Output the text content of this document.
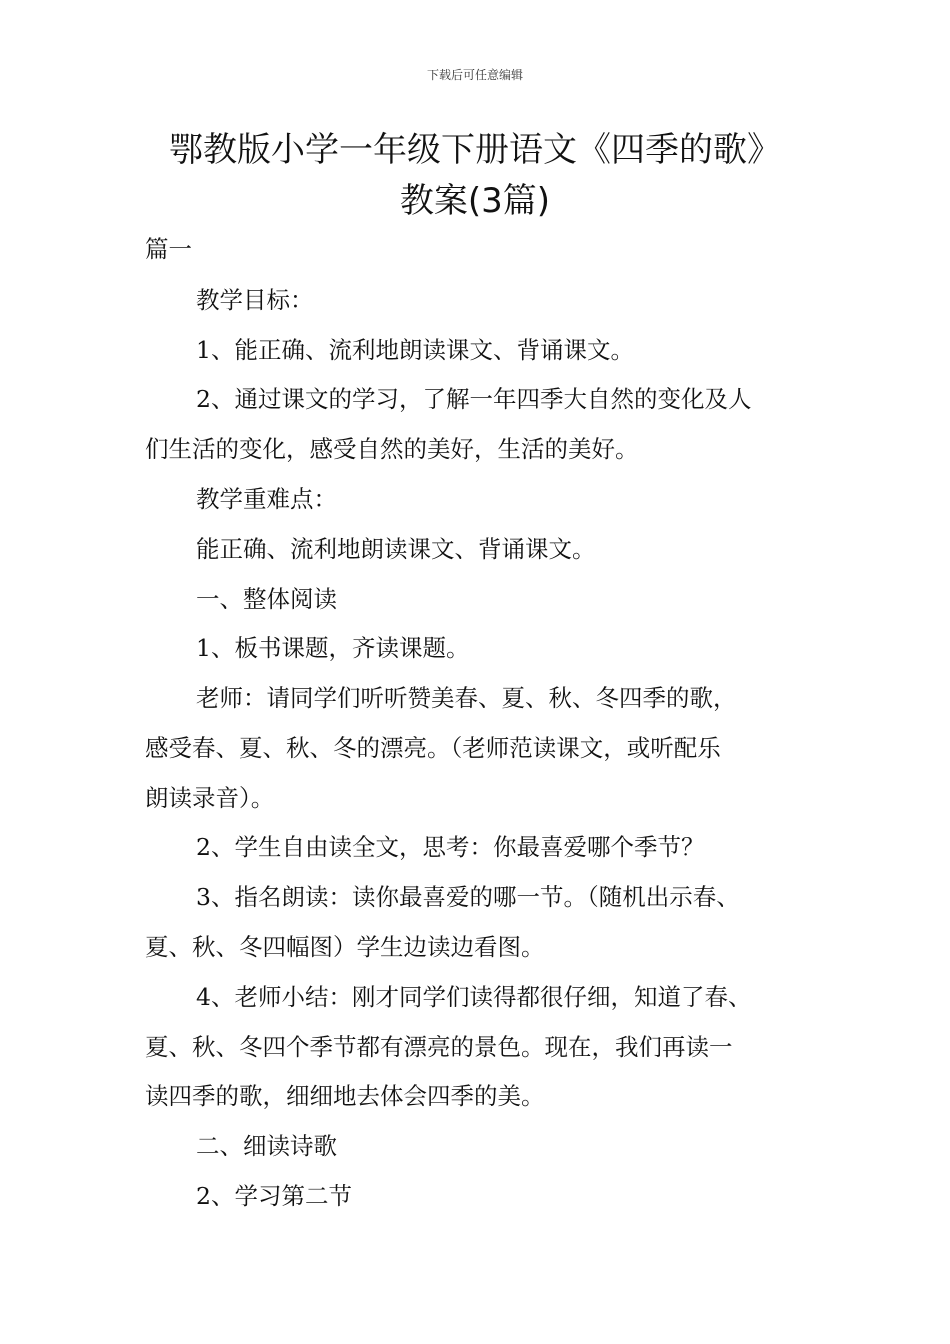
下载后可任意编辑
鄂教版小学一年级下册语文《四季的歌》
教案(3篇)
篇一
教学目标：
1、能正确、流利地朗读课文、背诵课文。
2、通过课文的学习，了解一年四季大自然的变化及人
们生活的变化，感受自然的美好，生活的美好。
教学重难点：
能正确、流利地朗读课文、背诵课文。
一、整体阅读
1、板书课题，齐读课题。
老师：请同学们听听赞美春、夏、秋、冬四季的歌，
感受春、夏、秋、冬的漂亮。（老师范读课文，或听配乐
朗读录音）。
2、学生自由读全文，思考：你最喜爱哪个季节？
3、指名朗读：读你最喜爱的哪一节。（随机出示春、
夏、秋、冬四幅图）学生边读边看图。
4、老师小结：刚才同学们读得都很仔细，知道了春、
夏、秋、冬四个季节都有漂亮的景色。现在，我们再读一
读四季的歌，细细地去体会四季的美。
二、细读诗歌
2、学习第二节
